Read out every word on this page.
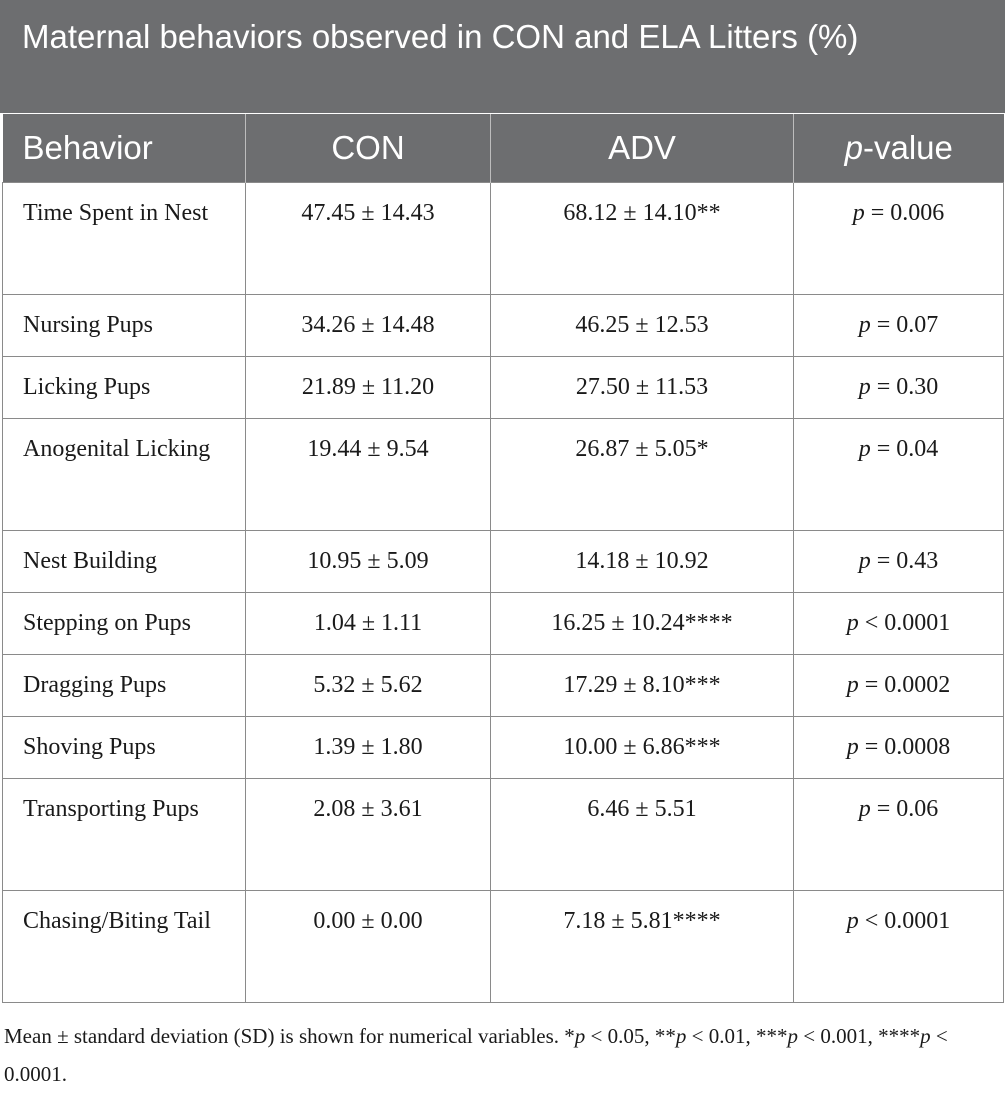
Maternal behaviors observed in CON and ELA Litters (%)
Behavior	CON	ADV	p-value
Time Spent in Nest	47.45 ± 14.43	68.12 ± 14.10**	p = 0.006
Nursing Pups	34.26 ± 14.48	46.25 ± 12.53	p = 0.07
Licking Pups	21.89 ± 11.20	27.50 ± 11.53	p = 0.30
Anogenital Licking	19.44 ± 9.54	26.87 ± 5.05*	p = 0.04
Nest Building	10.95 ± 5.09	14.18 ± 10.92	p = 0.43
Stepping on Pups	1.04 ± 1.11	16.25 ± 10.24****	p < 0.0001
Dragging Pups	5.32 ± 5.62	17.29 ± 8.10***	p = 0.0002
Shoving Pups	1.39 ± 1.80	10.00 ± 6.86***	p = 0.0008
Transporting Pups	2.08 ± 3.61	6.46 ± 5.51	p = 0.06
Chasing/Biting Tail	0.00 ± 0.00	7.18 ± 5.81****	p < 0.0001

Mean ± standard deviation (SD) is shown for numerical variables. *p < 0.05, **p < 0.01, ***p < 0.001, ****p < 0.0001.
